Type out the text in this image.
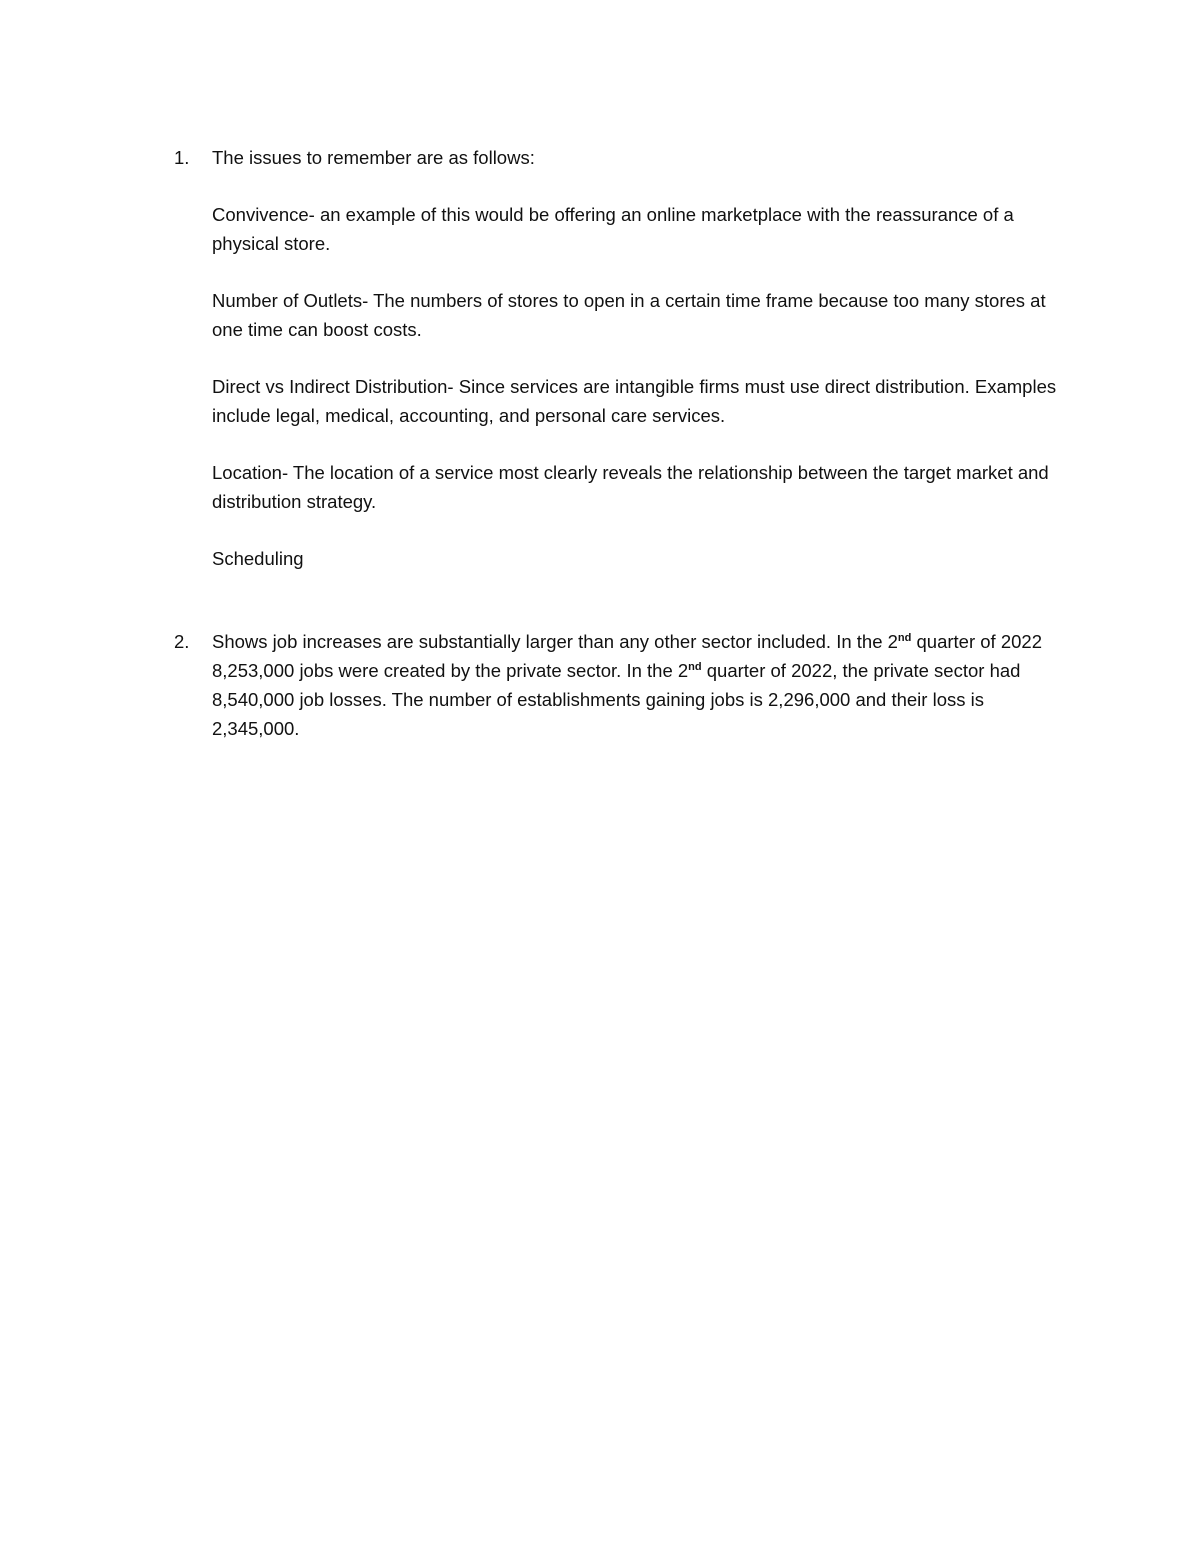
1.	The issues to remember are as follows:

Convivence- an example of this would be offering an online marketplace with the reassurance of a physical store.

Number of Outlets- The numbers of stores to open in a certain time frame because too many stores at one time can boost costs.

Direct vs Indirect Distribution- Since services are intangible firms must use direct distribution. Examples include legal, medical, accounting, and personal care services.

Location- The location of a service most clearly reveals the relationship between the target market and distribution strategy.

Scheduling

2.	Shows job increases are substantially larger than any other sector included. In the 2nd quarter of 2022 8,253,000 jobs were created by the private sector. In the 2nd quarter of 2022, the private sector had 8,540,000 job losses. The number of establishments gaining jobs is 2,296,000 and their loss is 2,345,000.
